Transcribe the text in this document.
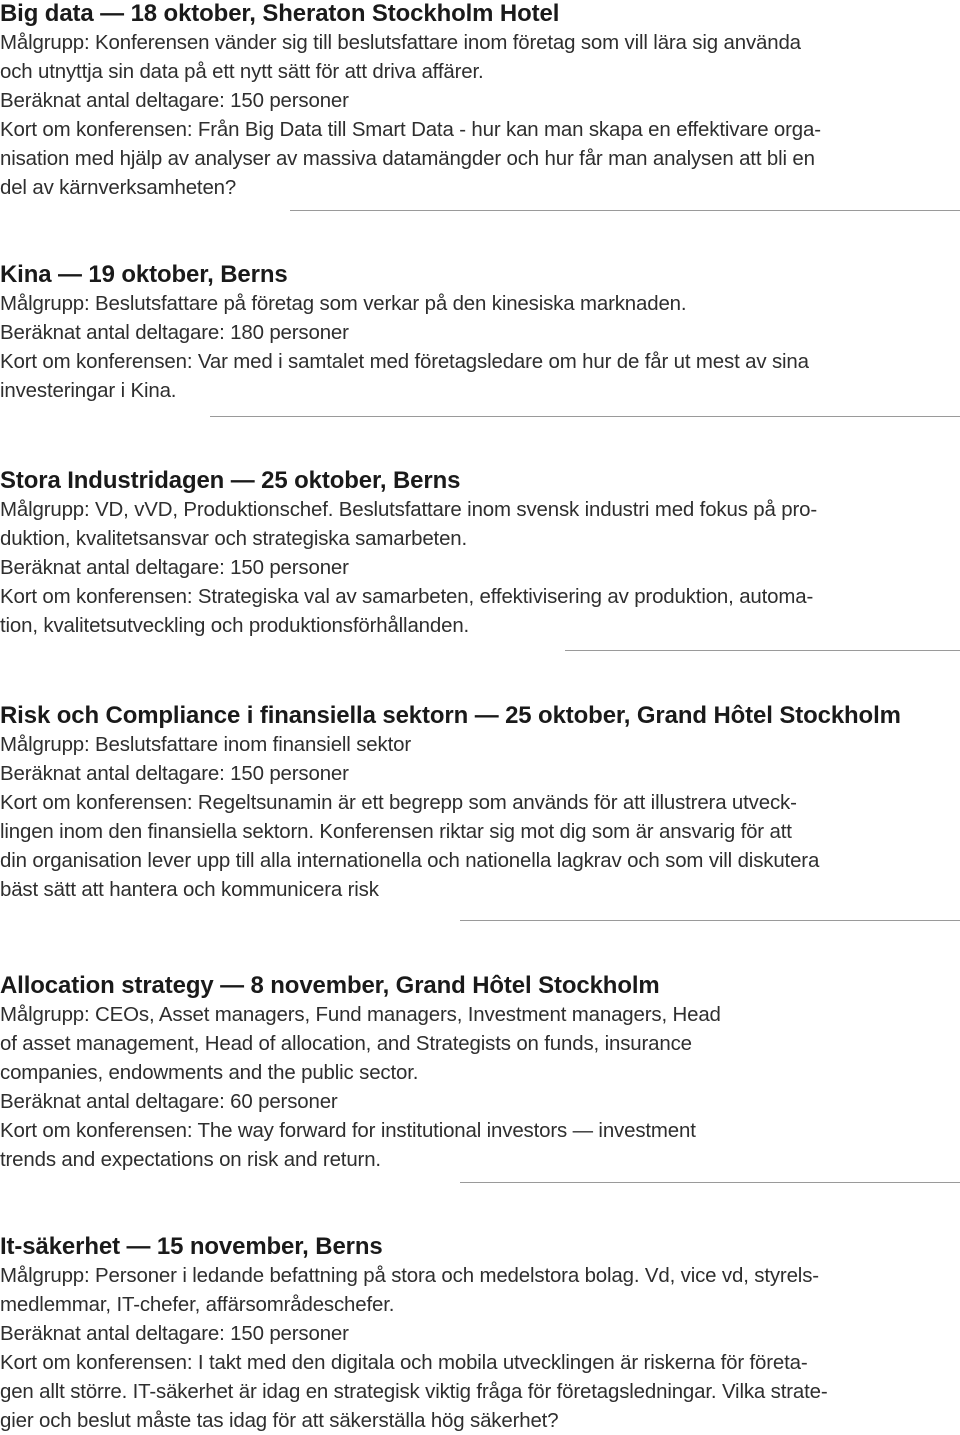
Big data — 18 oktober, Sheraton Stockholm Hotel
Målgrupp: Konferensen vänder sig till beslutsfattare inom företag som vill lära sig använda
och utnyttja sin data på ett nytt sätt för att driva affärer.
Beräknat antal deltagare: 150 personer
Kort om konferensen: Från Big Data till Smart Data - hur kan man skapa en effektivare orga-
nisation med hjälp av analyser av massiva datamängder och hur får man analysen att bli en
del av kärnverksamheten?
Kina — 19 oktober, Berns
Målgrupp: Beslutsfattare på företag som verkar på den kinesiska marknaden.
Beräknat antal deltagare: 180 personer
Kort om konferensen: Var med i samtalet med företagsledare om hur de får ut mest av sina
investeringar i Kina.
Stora Industridagen — 25 oktober, Berns
Målgrupp: VD, vVD, Produktionschef. Beslutsfattare inom svensk industri med fokus på pro-
duktion, kvalitetsansvar och strategiska samarbeten.
Beräknat antal deltagare: 150 personer
Kort om konferensen: Strategiska val av samarbeten, effektivisering av produktion, automa-
tion, kvalitetsutveckling och produktionsförhållanden.
Risk och Compliance i finansiella sektorn — 25 oktober, Grand Hôtel Stockholm
Målgrupp: Beslutsfattare inom finansiell sektor
Beräknat antal deltagare: 150 personer
Kort om konferensen: Regeltsunamin är ett begrepp som används för att illustrera utveck-
lingen inom den finansiella sektorn. Konferensen riktar sig mot dig som är ansvarig för att
din organisation lever upp till alla internationella och nationella lagkrav och som vill diskutera
bäst sätt att hantera och kommunicera risk
Allocation strategy — 8 november, Grand Hôtel Stockholm
Målgrupp: CEOs, Asset managers, Fund managers, Investment managers, Head
of asset management, Head of allocation, and Strategists on funds, insurance
companies, endowments and the public sector.
Beräknat antal deltagare: 60 personer
Kort om konferensen: The way forward for institutional investors — investment
trends and expectations on risk and return.
It-säkerhet — 15 november, Berns
Målgrupp: Personer i ledande befattning på stora och medelstora bolag. Vd, vice vd, styrels-
medlemmar, IT-chefer, affärsområdeschefer.
Beräknat antal deltagare: 150 personer
Kort om konferensen: I takt med den digitala och mobila utvecklingen är riskerna för företa-
gen allt större. IT-säkerhet är idag en strategisk viktig fråga för företagsledningar. Vilka strate-
gier och beslut måste tas idag för att säkerställa hög säkerhet?
